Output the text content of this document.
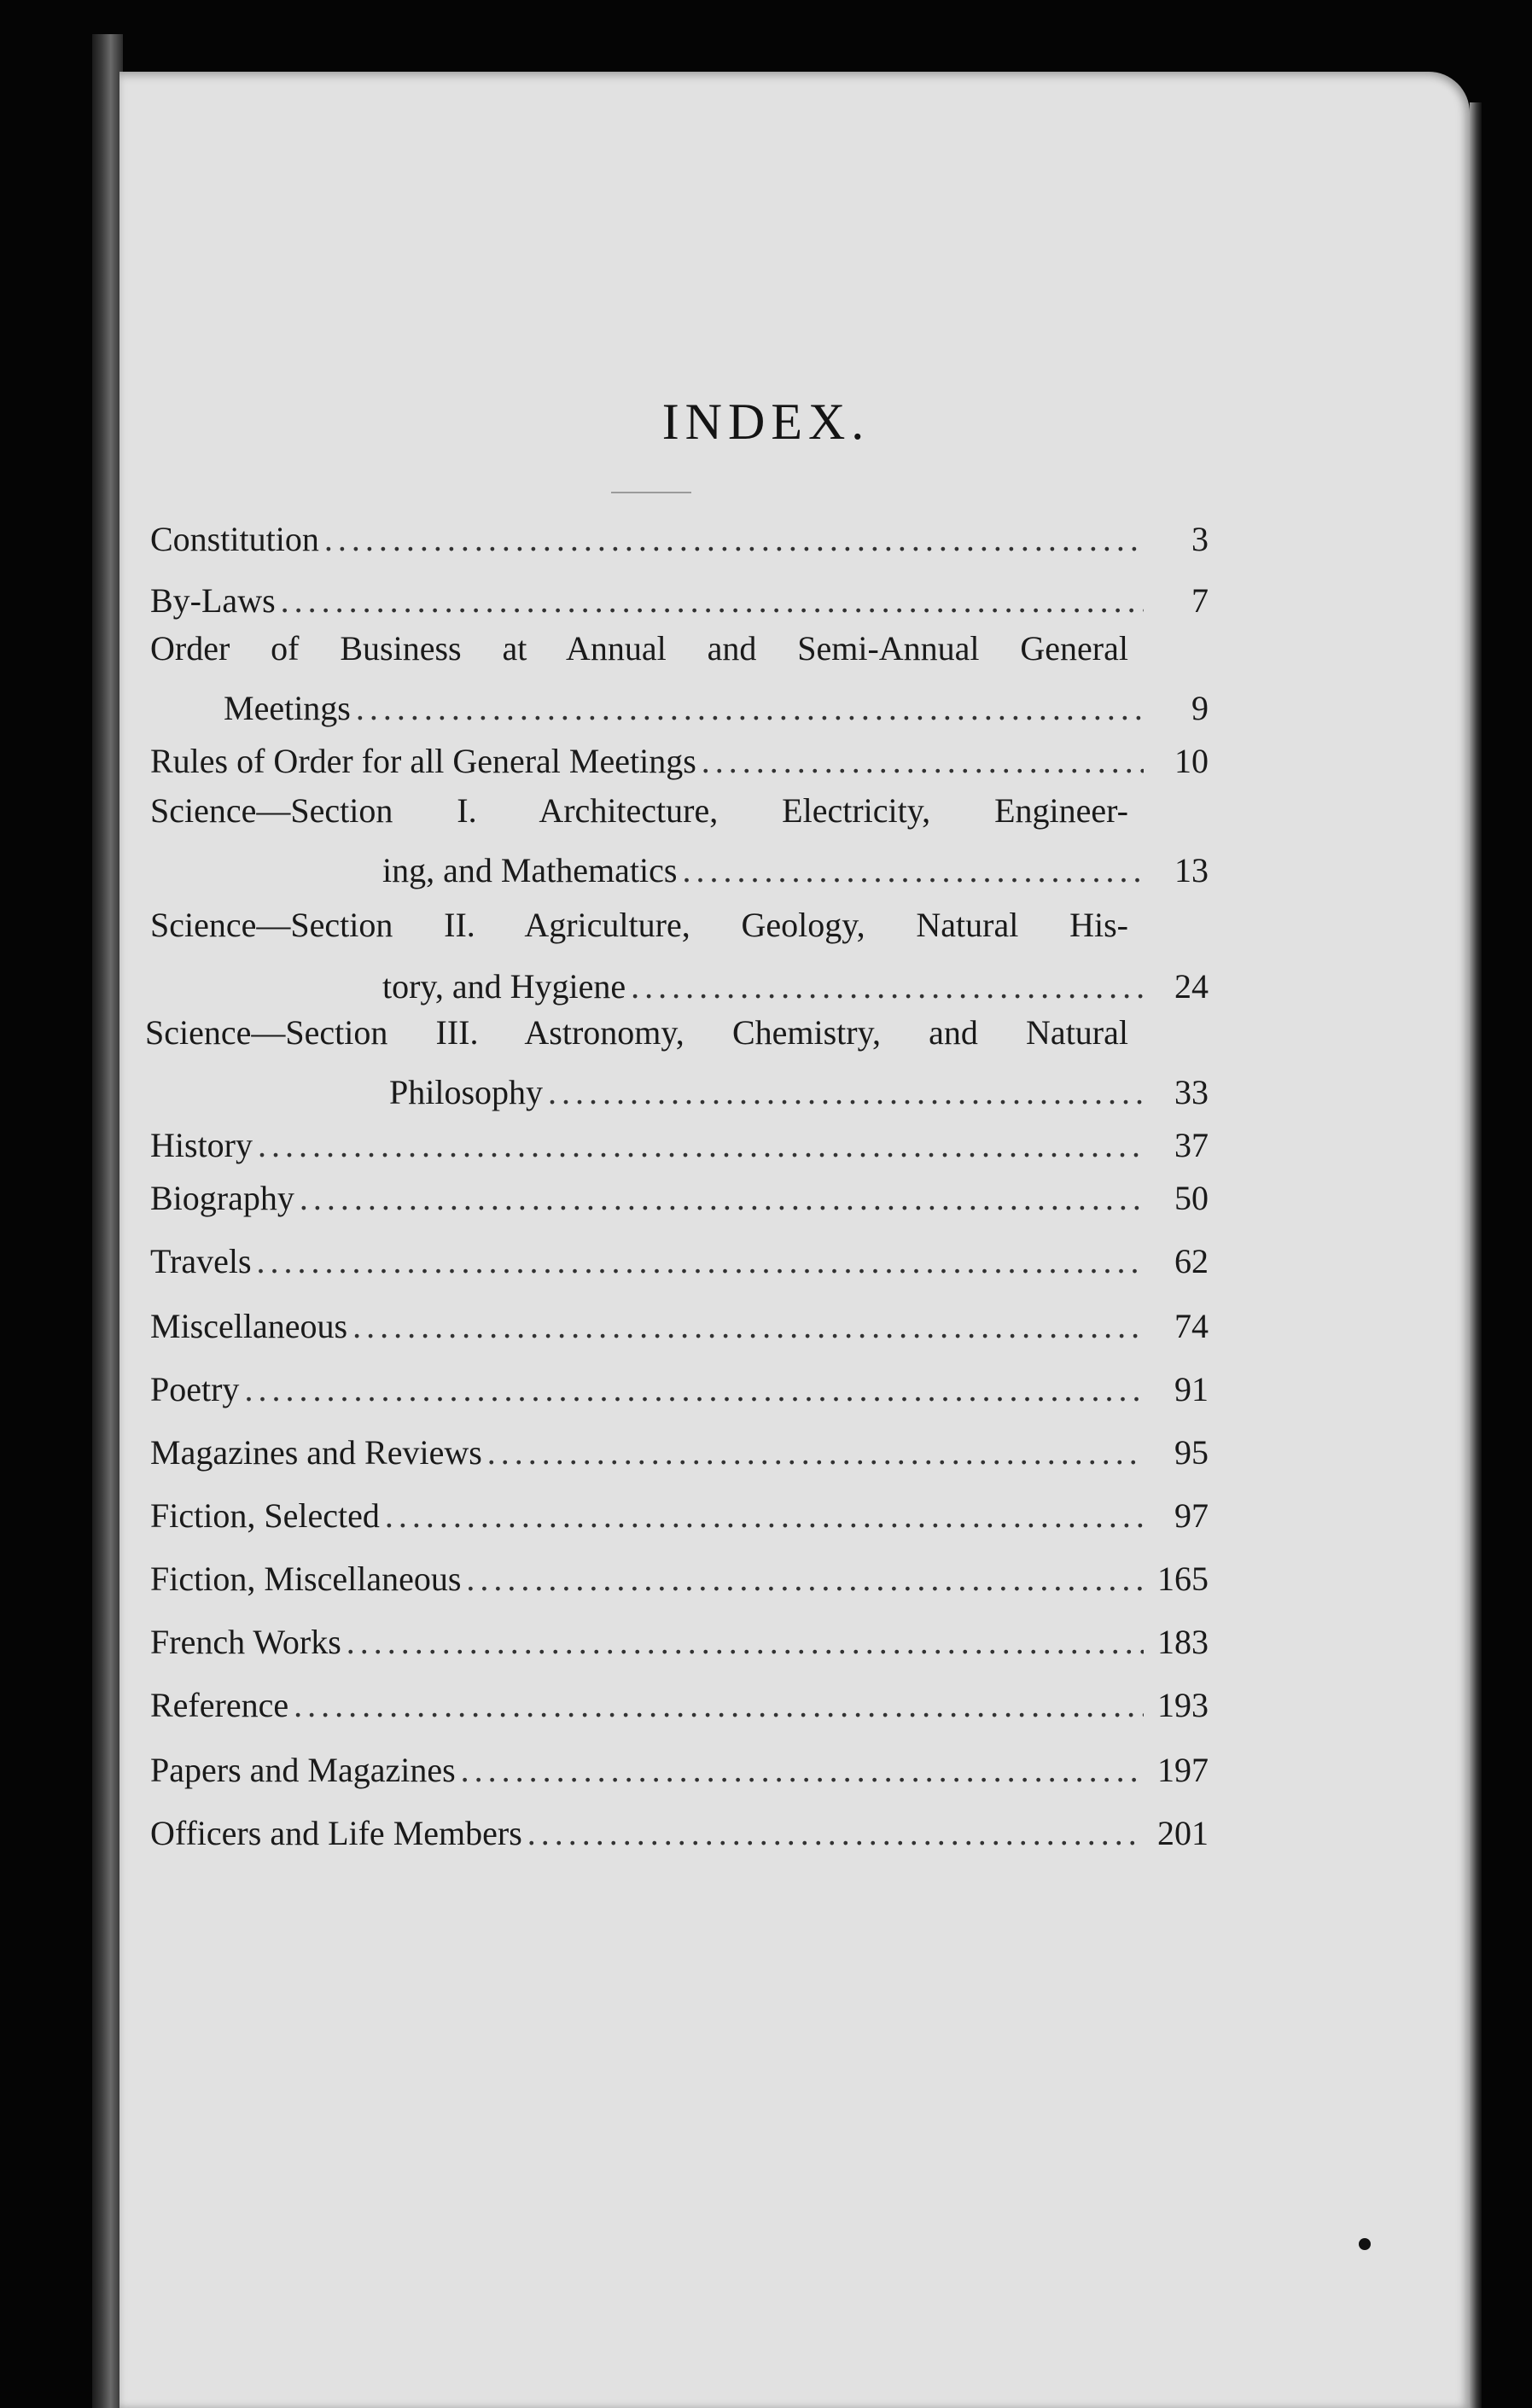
INDEX.
Constitution . . .	3
By-Laws . . .	7
Order of Business at Annual and Semi-Annual General
Meetings . . .	9
Rules of Order for all General Meetings . . .	10
Science—Section I. Architecture, Electricity, Engineer-
ing, and Mathematics . . .	13
Science—Section II. Agriculture, Geology, Natural His-
tory, and Hygiene . . .	24
Science—Section III. Astronomy, Chemistry, and Natural
Philosophy . . .	33
History . . .	37
Biography . . .	50
Travels . . .	62
Miscellaneous . . .	74
Poetry . . .	91
Magazines and Reviews . . .	95
Fiction, Selected . . .	97
Fiction, Miscellaneous . . .	165
French Works . . .	183
Reference . . .	193
Papers and Magazines . . .	197
Officers and Life Members . . .	201
